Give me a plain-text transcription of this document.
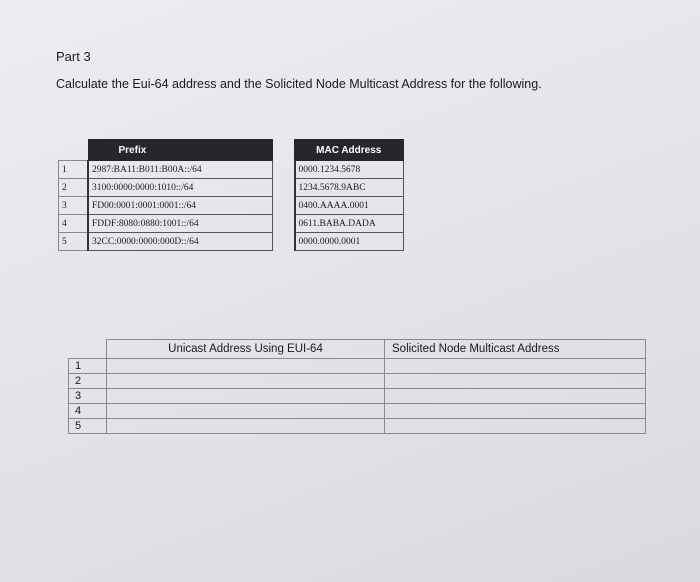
Part 3
Calculate the Eui-64 address and the Solicited Node Multicast Address for the following.
	Prefix		MAC Address
1	2987:BA11:B011:B00A::/64		0000.1234.5678
2	3100:0000:0000:1010::/64		1234.5678.9ABC
3	FD00:0001:0001:0001::/64		0400.AAAA.0001
4	FDDF:8080:0880:1001::/64		0611.BABA.DADA
5	32CC:0000:0000:000D::/64		0000.0000.0001
	Unicast Address Using EUI-64	Solicited Node Multicast Address
1		
2		
3		
4		
5		
